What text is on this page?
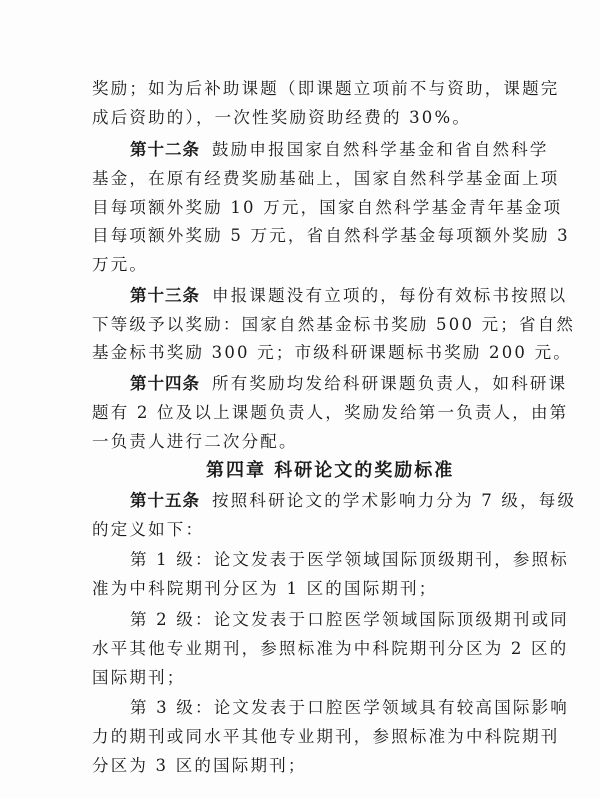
奖励；如为后补助课题（即课题立项前不与资助，课题完
成后资助的），一次性奖励资助经费的 30%。
第十二条 鼓励申报国家自然科学基金和省自然科学
基金，在原有经费奖励基础上，国家自然科学基金面上项
目每项额外奖励 10 万元，国家自然科学基金青年基金项
目每项额外奖励 5 万元，省自然科学基金每项额外奖励 3
万元。
第十三条 申报课题没有立项的，每份有效标书按照以
下等级予以奖励：国家自然基金标书奖励 500 元；省自然
基金标书奖励 300 元；市级科研课题标书奖励 200 元。
第十四条 所有奖励均发给科研课题负责人，如科研课
题有 2 位及以上课题负责人，奖励发给第一负责人，由第
一负责人进行二次分配。
第四章 科研论文的奖励标准
第十五条 按照科研论文的学术影响力分为 7 级，每级
的定义如下：
第 1 级：论文发表于医学领域国际顶级期刊，参照标
准为中科院期刊分区为 1 区的国际期刊；
第 2 级：论文发表于口腔医学领域国际顶级期刊或同
水平其他专业期刊，参照标准为中科院期刊分区为 2 区的
国际期刊；
第 3 级：论文发表于口腔医学领域具有较高国际影响
力的期刊或同水平其他专业期刊，参照标准为中科院期刊
分区为 3 区的国际期刊；
